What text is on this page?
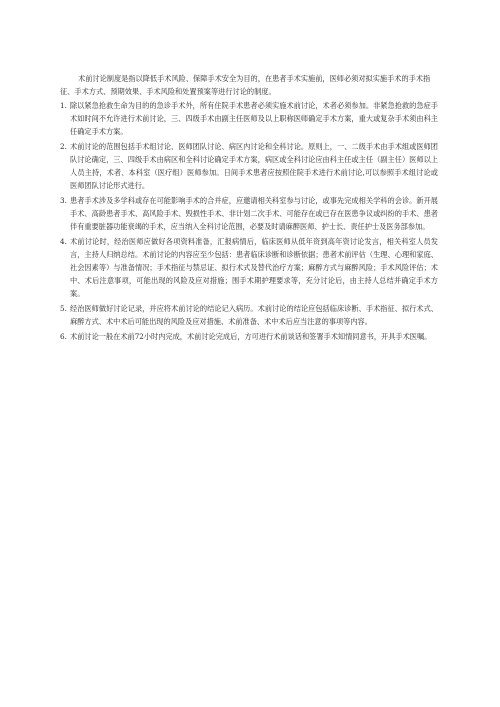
术前讨论制度是指以降低手术风险、保障手术安全为目的，在患者手术实施前，医师必须对拟实施手术的手术指征、手术方式、预期效果、手术风险和处置预案等进行讨论的制度。

1. 除以紧急抢救生命为目的的急诊手术外，所有住院手术患者必须实施术前讨论，术者必须参加。非紧急抢救的急症手术如时间不允许进行术前讨论，三、四级手术由副主任医师及以上职称医师确定手术方案，重大或复杂手术须由科主任确定手术方案。
2. 术前讨论的范围包括手术组讨论、医师团队讨论、病区内讨论和全科讨论。原则上，一、二级手术由手术组或医师团队讨论确定，三、四级手术由病区和全科讨论确定手术方案，病区或全科讨论应由科主任或主任（副主任）医师以上人员主持，术者、本科室（医疗组）医师参加。日间手术患者应按照住院手术进行术前讨论,可以参照手术组讨论或医师团队讨论形式进行。
3. 患者手术涉及多学科或存在可能影响手术的合并症，应邀请相关科室参与讨论，或事先完成相关学科的会诊。新开展手术、高龄患者手术、高风险手术、毁损性手术、非计划二次手术、可能存在或已存在医患争议或纠纷的手术、患者伴有重要脏器功能衰竭的手术，应当纳入全科讨论范围，必要及时请麻醉医师、护士长、责任护士及医务部参加。
4. 术前讨论时，经治医师应做好各项资料准备，汇报病情后，临床医师从低年资到高年资讨论发言，相关科室人员发言，主持人归纳总结。术前讨论的内容应至少包括：患者临床诊断和诊断依据；患者术前评估（生理、心理和家庭、社会因素等）与准备情况；手术指征与禁忌证、拟行术式及替代治疗方案；麻醉方式与麻醉风险；手术风险评估；术中、术后注意事项，可能出现的风险及应对措施；围手术期护理要求等，充分讨论后，由主持人总结并确定手术方案。
5. 经治医师做好讨论记录，并应将术前讨论的结论记入病历。术前讨论的结论应包括临床诊断、手术指征、拟行术式、麻醉方式、术中术后可能出现的风险及应对措施、术前准备、术中术后应当注意的事项等内容。
6. 术前讨论一般在术前72小时内完成，术前讨论完成后，方可进行术前谈话和签署手术知情同意书，开具手术医嘱。
